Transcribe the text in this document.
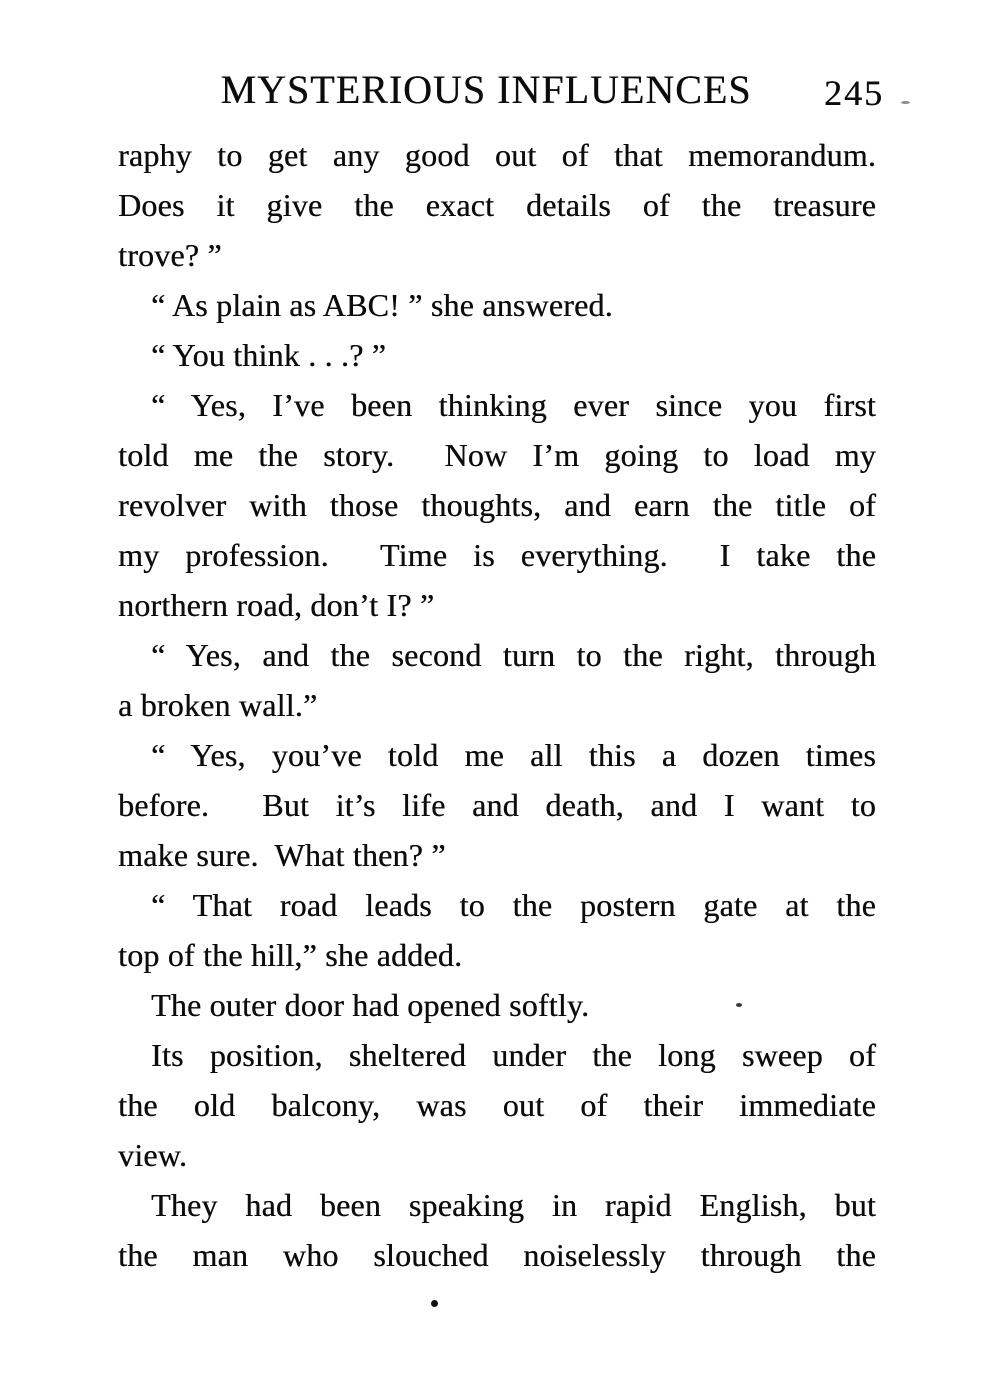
MYSTERIOUS INFLUENCES	245
raphy to get any good out of that memorandum.
Does it give the exact details of the treasure
trove? ”
“ As plain as ABC! ” she answered.
“ You think . . .? ”
“ Yes, I’ve been thinking ever since you first
told me the story.  Now I’m going to load my
revolver with those thoughts, and earn the title of
my profession.  Time is everything.  I take the
northern road, don’t I? ”
“ Yes, and the second turn to the right, through
a broken wall.”
“ Yes, you’ve told me all this a dozen times
before.  But it’s life and death, and I want to
make sure.  What then? ”
“ That road leads to the postern gate at the
top of the hill,” she added.
The outer door had opened softly.
Its position, sheltered under the long sweep of
the old balcony, was out of their immediate
view.
They had been speaking in rapid English, but
the man who slouched noiselessly through the
